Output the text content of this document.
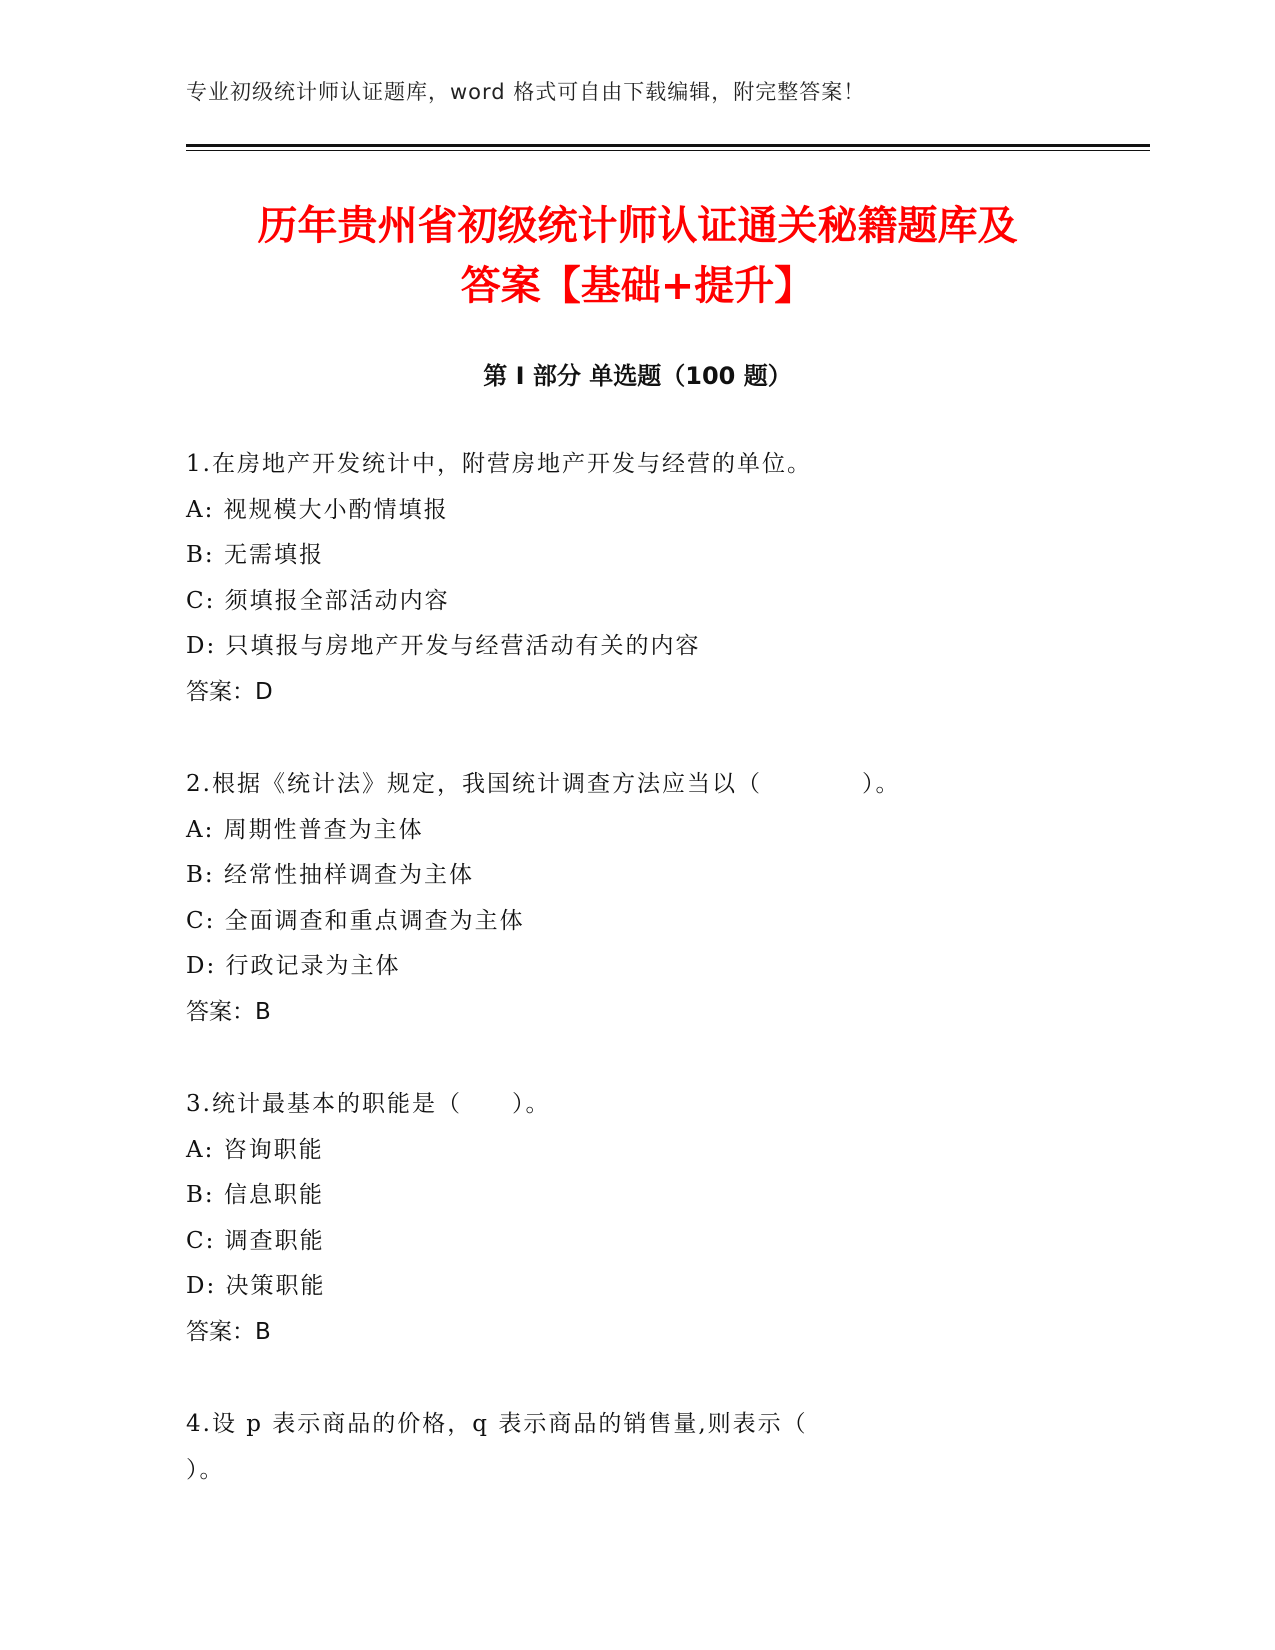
专业初级统计师认证题库，word 格式可自由下载编辑，附完整答案！
历年贵州省初级统计师认证通关秘籍题库及
答案【基础+提升】
第 I 部分 单选题（100 题）
1.在房地产开发统计中，附营房地产开发与经营的单位。
A: 视规模大小酌情填报
B: 无需填报
C: 须填报全部活动内容
D: 只填报与房地产开发与经营活动有关的内容
答案：D
2.根据《统计法》规定，我国统计调查方法应当以（　　　　）。
A: 周期性普查为主体
B: 经常性抽样调查为主体
C: 全面调查和重点调查为主体
D: 行政记录为主体
答案：B
3.统计最基本的职能是（　　）。
A: 咨询职能
B: 信息职能
C: 调查职能
D: 决策职能
答案：B
4.设 p 表示商品的价格，q 表示商品的销售量,则表示（
）。
